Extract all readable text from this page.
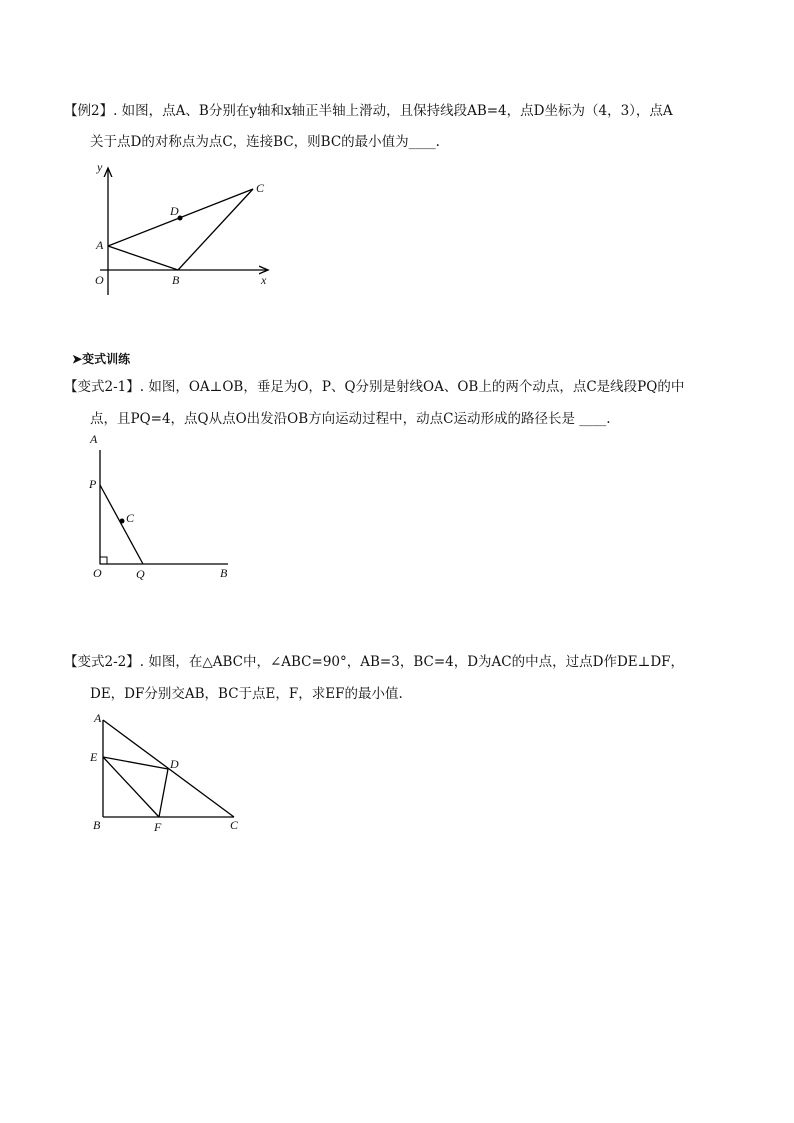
【例2】. 如图，点A、B分别在y轴和x轴正半轴上滑动，且保持线段AB=4，点D坐标为（4，3），点A
关于点D的对称点为点C，连接BC，则BC的最小值为____.
➤变式训练
【变式2-1】. 如图，OA⊥OB，垂足为O，P、Q分别是射线OA、OB上的两个动点，点C是线段PQ的中
点，且PQ=4，点Q从点O出发沿OB方向运动过程中，动点C运动形成的路径长是 ____.
【变式2-2】. 如图，在△ABC中，∠ABC=90°，AB=3，BC=4，D为AC的中点，过点D作DE⊥DF，
DE，DF分别交AB，BC于点E，F，求EF的最小值.
y
C
D
A
O	B	x
A
P
C
O	Q	B
A
E	D
B	F	C
